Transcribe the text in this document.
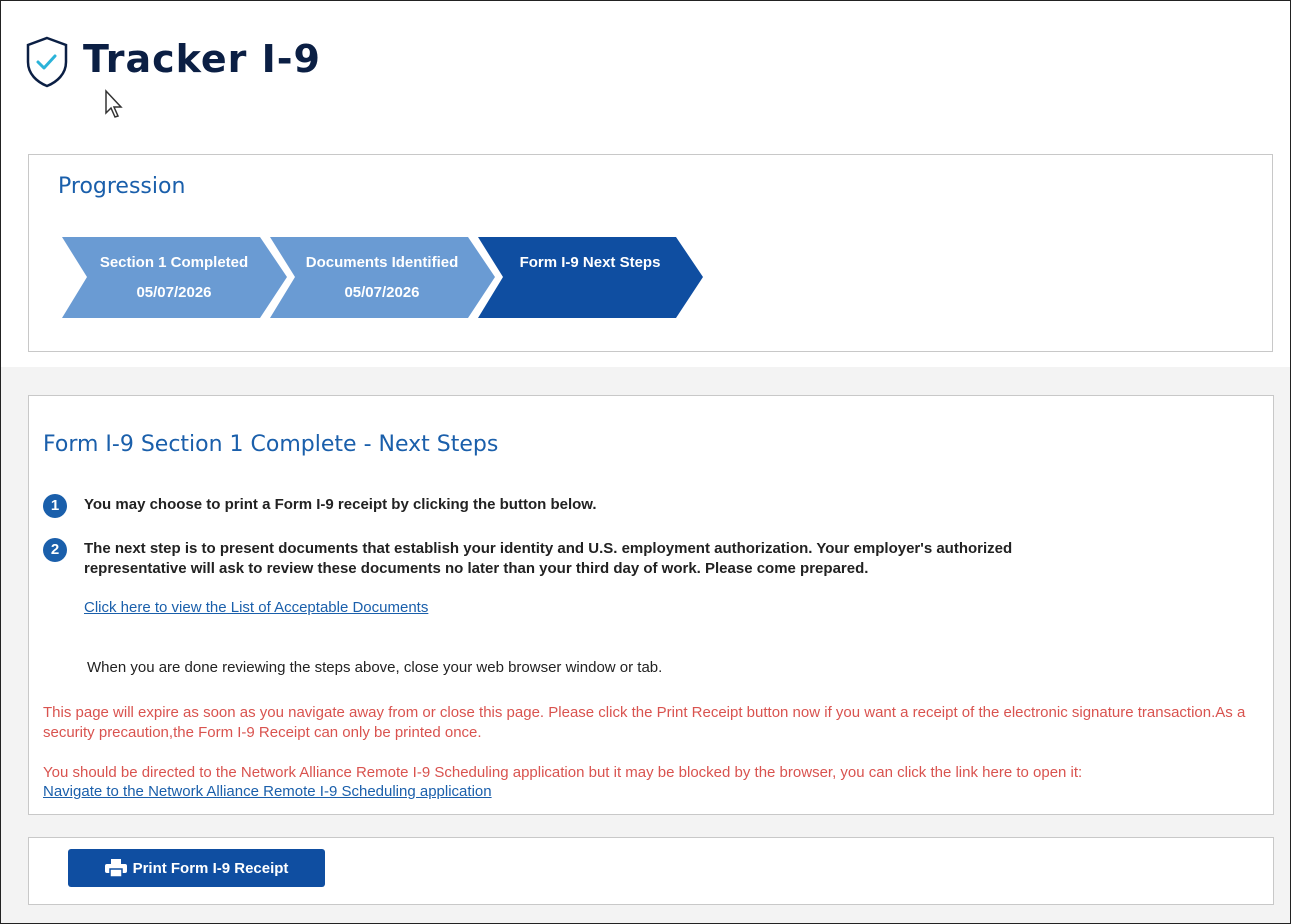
Tracker I-9
Progression
Section 1 Completed
05/07/2026
Documents Identified
05/07/2026
Form I-9 Next Steps
Form I-9 Section 1 Complete - Next Steps
1	You may choose to print a Form I-9 receipt by clicking the button below.
2	The next step is to present documents that establish your identity and U.S. employment authorization. Your employer's authorized
representative will ask to review these documents no later than your third day of work. Please come prepared.
Click here to view the List of Acceptable Documents
When you are done reviewing the steps above, close your web browser window or tab.
This page will expire as soon as you navigate away from or close this page. Please click the Print Receipt button now if you want a receipt of the electronic signature transaction.As a
security precaution,the Form I-9 Receipt can only be printed once.
You should be directed to the Network Alliance Remote I-9 Scheduling application but it may be blocked by the browser, you can click the link here to open it:
Navigate to the Network Alliance Remote I-9 Scheduling application
Print Form I-9 Receipt
